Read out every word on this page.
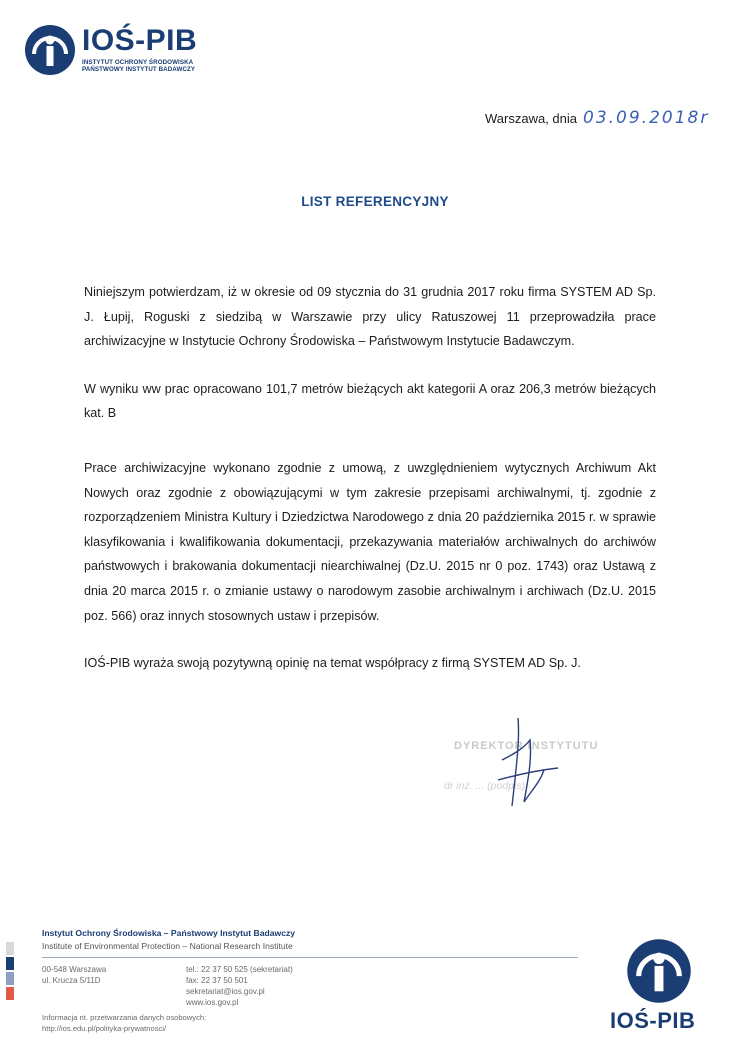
IOŚ-PIB
INSTYTUT OCHRONY ŚRODOWISKA
PAŃSTWOWY INSTYTUT BADAWCZY
Warszawa, dnia 03.09.2018r
LIST REFERENCYJNY

Niniejszym potwierdzam, iż w okresie od 09 stycznia do 31 grudnia 2017 roku firma SYSTEM AD Sp. J. Łupij, Roguski z siedzibą w Warszawie przy ulicy Ratuszowej 11 przeprowadziła prace archiwizacyjne w Instytucie Ochrony Środowiska – Państwowym Instytucie Badawczym.

W wyniku ww prac opracowano 101,7 metrów bieżących akt kategorii A oraz 206,3 metrów bieżących kat. B

Prace archiwizacyjne wykonano zgodnie z umową, z uwzględnieniem wytycznych Archiwum Akt Nowych oraz zgodnie z obowiązującymi w tym zakresie przepisami archiwalnymi, tj. zgodnie z rozporządzeniem Ministra Kultury i Dziedzictwa Narodowego z dnia 20 października 2015 r. w sprawie klasyfikowania i kwalifikowania dokumentacji, przekazywania materiałów archiwalnych do archiwów państwowych i brakowania dokumentacji niearchiwalnej (Dz.U. 2015 nr 0 poz. 1743) oraz Ustawą z dnia 20 marca 2015 r. o zmianie ustawy o narodowym zasobie archiwalnym i archiwach (Dz.U. 2015 poz. 566) oraz innych stosownych ustaw i przepisów.

IOŚ-PIB wyraża swoją pozytywną opinię na temat współpracy z firmą SYSTEM AD Sp. J.

DYREKTOR INSTYTUTU
dr inż. ... (podpis)
Instytut Ochrony Środowiska – Państwowy Instytut Badawczy
Institute of Environmental Protection – National Research Institute
00-548 Warszawa
ul. Krucza 5/11D
tel.: 22 37 50 525 (sekretariat)
fax: 22 37 50 501
sekretariat@ios.gov.pl
www.ios.gov.pl
Informacja nt. przetwarzania danych osobowych:
http://ios.edu.pl/polityka-prywatnosci/	IOŚ-PIB
